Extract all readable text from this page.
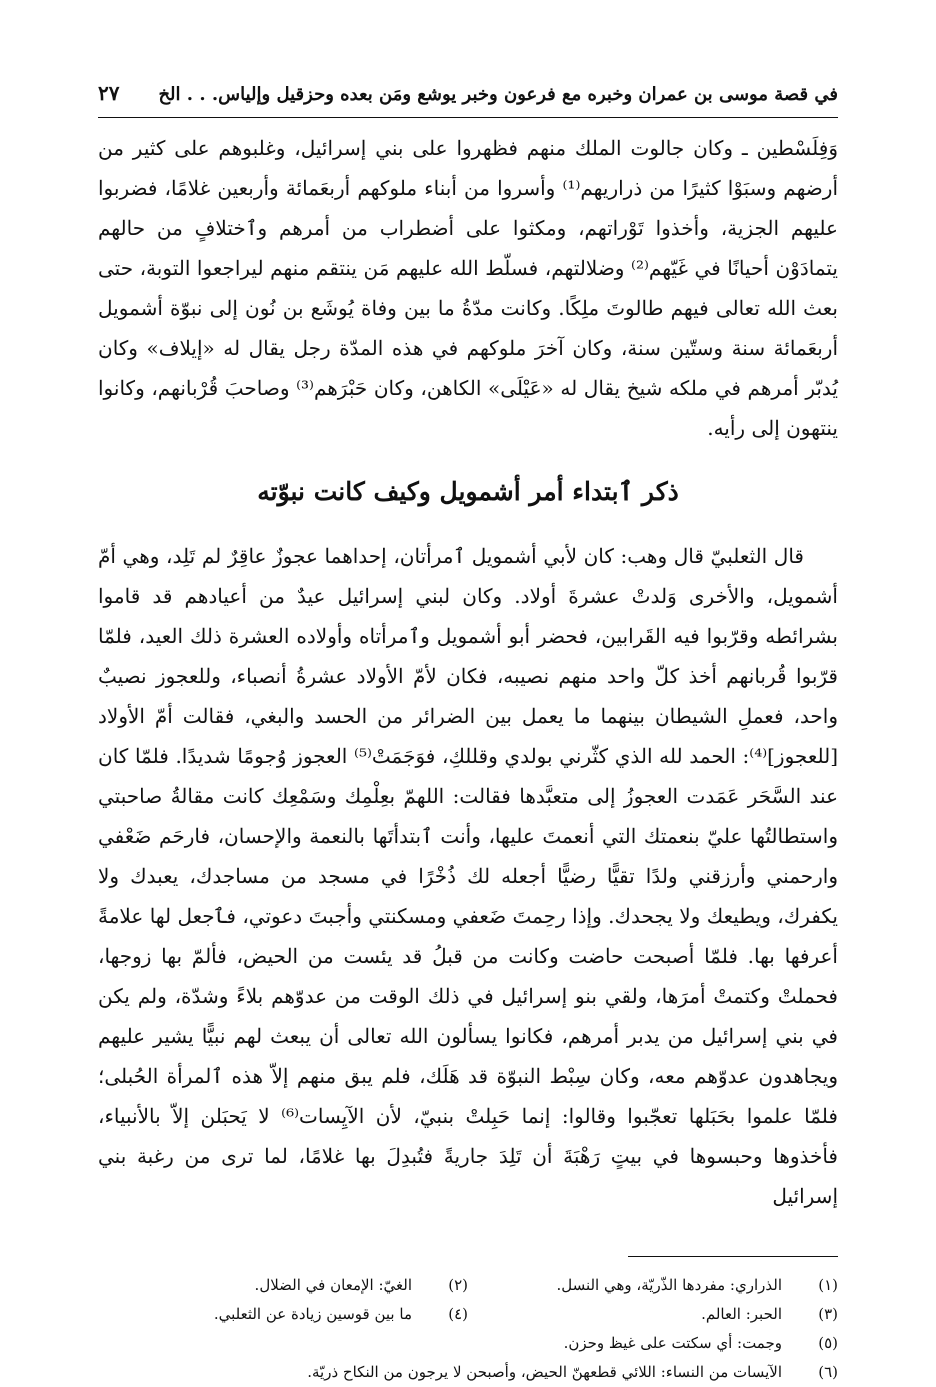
في قصة موسى بن عمران وخبره مع فرعون وخبر يوشع ومَن بعده وحزقيل وإلياس. . . الخ
٢٧

وَفِلَسْطين ـ وكان جالوت الملك منهم فظهروا على بني إسرائيل، وغلبوهم على كثير من أرضهم وسبَوْا كثيرًا من ذراريهم⁽¹⁾ وأسروا من أبناء ملوكهم أربعَمائة وأربعين غلامًا، فضربوا عليهم الجزية، وأخذوا تَوْراتهم، ومكثوا على أضطراب من أمرهم وٱختلافٍ من حالهم يتمادَوْن أحيانًا في غَيّهم⁽²⁾ وضلالتهم، فسلّط الله عليهم مَن ينتقم منهم ليراجعوا التوبة، حتى بعث الله تعالى فيهم طالوتَ ملِكًا. وكانت مدّةُ ما بين وفاة يُوشَع بن نُون إلى نبوّة أشمويل أربعَمائة سنة وستّين سنة، وكان آخرَ ملوكهم في هذه المدّة رجل يقال له «إيلاف» وكان يُدبّر أمرهم في ملكه شيخ يقال له «عَيْلَى» الكاهن، وكان حَبْرَهم⁽³⁾ وصاحبَ قُرْبانهم، وكانوا ينتهون إلى رأيه.

ذكر ٱبتداء أمر أشمويل وكيف كانت نبوّته

قال الثعلبيّ قال وهب: كان لأبي أشمويل ٱمرأتان، إحداهما عجوزٌ عاقِرٌ لم تَلِد، وهي أمّ أشمويل، والأخرى وَلدتْ عشرةَ أولاد. وكان لبني إسرائيل عيدٌ من أعيادهم قد قاموا بشرائطه وقرّبوا فيه القَرابين، فحضر أبو أشمويل وٱمرأتاه وأولاده العشرة ذلك العيد، فلمّا قرّبوا قُربانهم أخذ كلّ واحد منهم نصيبه، فكان لأمّ الأولاد عشرةُ أنصباء، وللعجوز نصيبٌ واحد، فعملِ الشيطان بينهما ما يعمل بين الضرائر من الحسد والبغي، فقالت أمّ الأولاد [للعجوز]⁽⁴⁾: الحمد لله الذي كثّرني بولدي وقللكِ، فوَجَمَتْ⁽⁵⁾ العجوز وُجومًا شديدًا. فلمّا كان عند السَّحَر عَمَدت العجوزُ إلى متعبَّدها فقالت: اللهمّ بعِلْمِك وسَمْعِك كانت مقالةُ صاحبتي واستطالتُها عليّ بنعمتك التي أنعمتَ عليها، وأنت ٱبتدأتَها بالنعمة والإحسان، فارحَم ضَعْفي وارحمني وأرزقني ولدًا تقيًّا رضيًّا أجعله لك ذُخْرًا في مسجد من مساجدك، يعبدك ولا يكفرك، ويطيعك ولا يجحدك. وإذا رحِمتَ ضَعفي ومسكنتي وأجبتَ دعوتي، فٱجعل لها علامةً أعرفها بها. فلمّا أصبحت حاضت وكانت من قبلُ قد يئست من الحيض، فألمّ بها زوجها، فحملتْ وكتمتْ أمرَها، ولقي بنو إسرائيل في ذلك الوقت من عدوّهم بلاءً وشدّة، ولم يكن في بني إسرائيل من يدبر أمرهم، فكانوا يسألون الله تعالى أن يبعث لهم نبيًّا يشير عليهم ويجاهدون عدوّهم معه، وكان سِبْط النبوّة قد هَلَك، فلم يبق منهم إلاّ هذه ٱلمرأة الحُبلى؛ فلمّا علموا بحَبَلها تعجّبوا وقالوا: إنما حَبِلتْ بنبيّ، لأن الآيِسات⁽⁶⁾ لا يَحبَلن إلاّ بالأنبياء، فأخذوها وحبسوها في بيتٍ رَهْبَةَ أن تَلِدَ جاريةً فتُبدِلَ بها غلامًا، لما ترى من رغبة بني إسرائيل

(١)
الذراري: مفردها الذّريّة، وهي النسل.
(٢)
الغيّ: الإمعان في الضلال.
(٣)
الحبر: العالم.
(٤)
ما بين قوسين زيادة عن الثعلبي.
(٥)
وجمت: أي سكتت على غيظ وحزن.
(٦)
الآيسات من النساء: اللائي قطعهنّ الحيض، وأصبحن لا يرجون من النكاح ذريّة.
